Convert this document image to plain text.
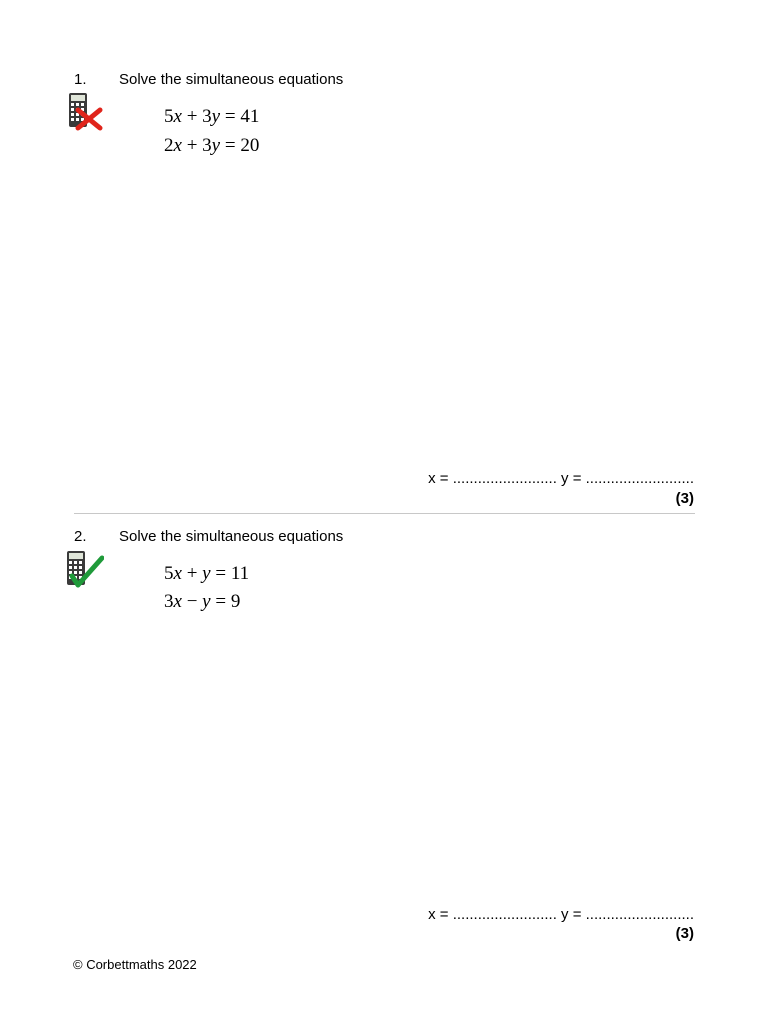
1. Solve the simultaneous equations
5x + 3y = 41
2x + 3y = 20
x = ......................... y = ..........................
(3)
2. Solve the simultaneous equations
5x + y = 11
3x − y = 9
x = ......................... y = ..........................
(3)
© Corbettmaths 2022
